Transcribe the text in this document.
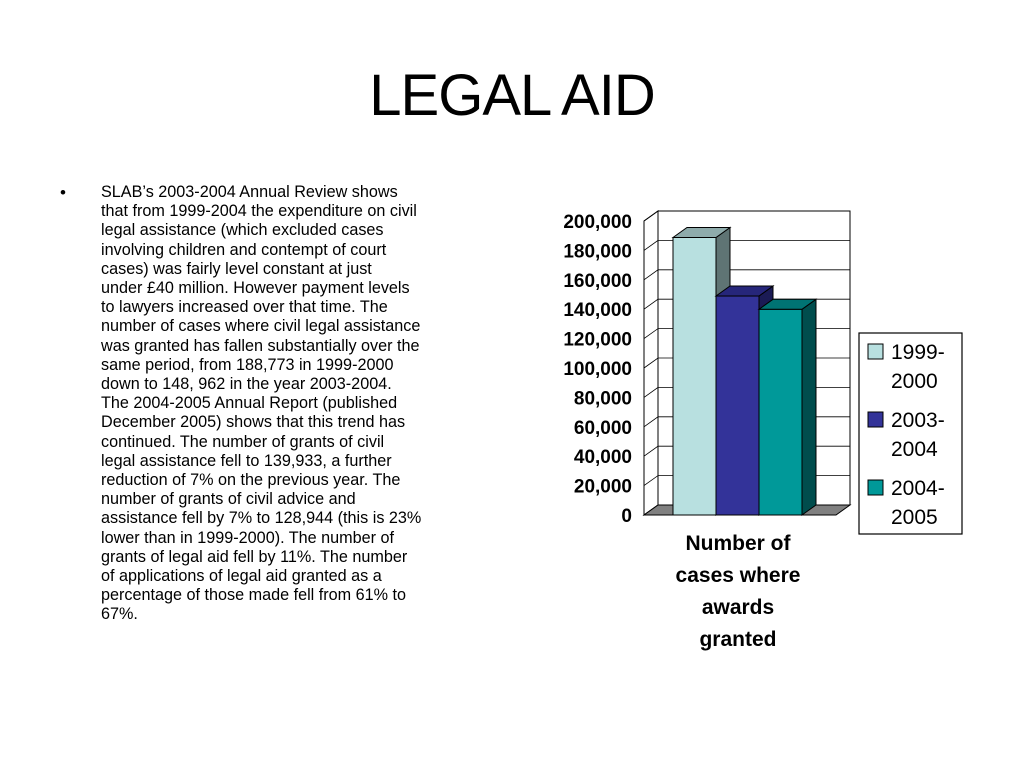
LEGAL AID
• SLAB’s 2003-2004 Annual Review shows
that from 1999-2004 the expenditure on civil
legal assistance (which excluded cases
involving children and contempt of court
cases) was fairly level constant at just
under £40 million. However payment levels
to lawyers increased over that time. The
number of cases where civil legal assistance
was granted has fallen substantially over the
same period, from 188,773 in 1999-2000
down to 148, 962 in the year 2003-2004.
The 2004-2005 Annual Report (published
December 2005) shows that this trend has
continued. The number of grants of civil
legal assistance fell to 139,933, a further
reduction of 7% on the previous year. The
number of grants of civil advice and
assistance fell by 7% to 128,944 (this is 23%
lower than in 1999-2000). The number of
grants of legal aid fell by 11%. The number
of applications of legal aid granted as a
percentage of those made fell from 61% to
67%.
0
20,000
40,000
60,000
80,000
100,000
120,000
140,000
160,000
180,000
200,000
Number of cases where awards granted
1999-2000
2003-2004
2004-2005
